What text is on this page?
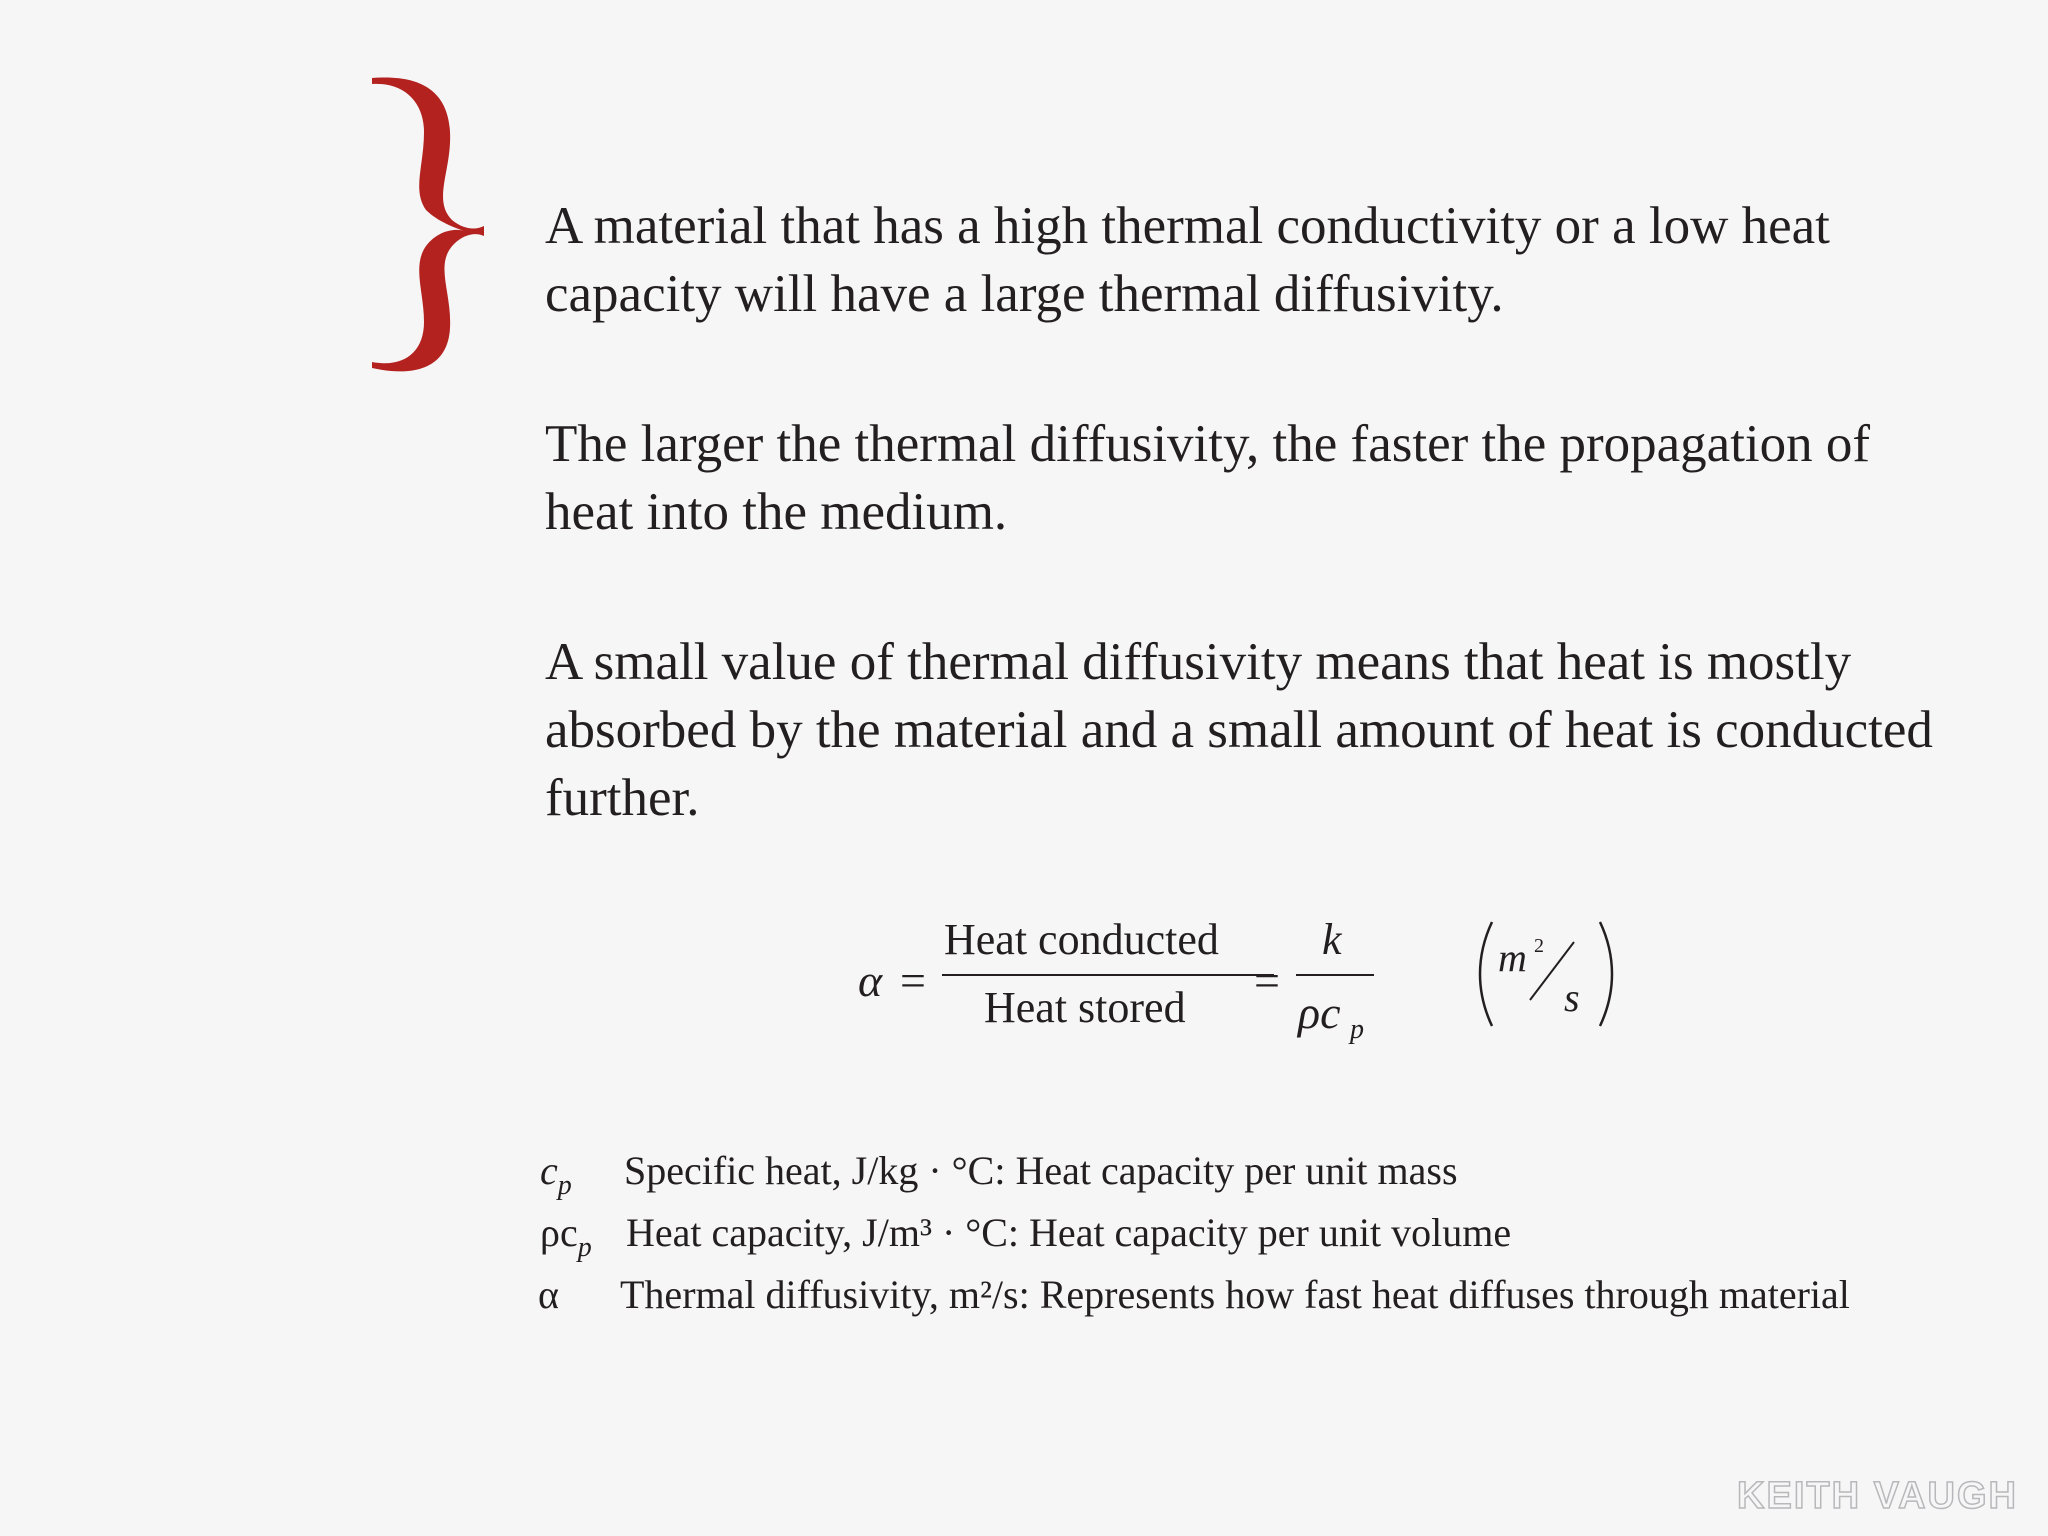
A material that has a high thermal conductivity or a low heat capacity will have a large thermal diffusivity.

The larger the thermal diffusivity, the faster the propagation of heat into the medium.

A small value of thermal diffusivity means that heat is mostly absorbed by the material and a small amount of heat is conducted further.

α =
Heat conducted
Heat stored
=
k
ρc p
m 2
s
$c_p$ Specific heat, J/kg · °C: Heat capacity per unit mass
$\rho c_p$ Heat capacity, J/m³ · °C: Heat capacity per unit volume
α Thermal diffusivity, m²/s: Represents how fast heat diffuses through material
KEITH VAUGH
